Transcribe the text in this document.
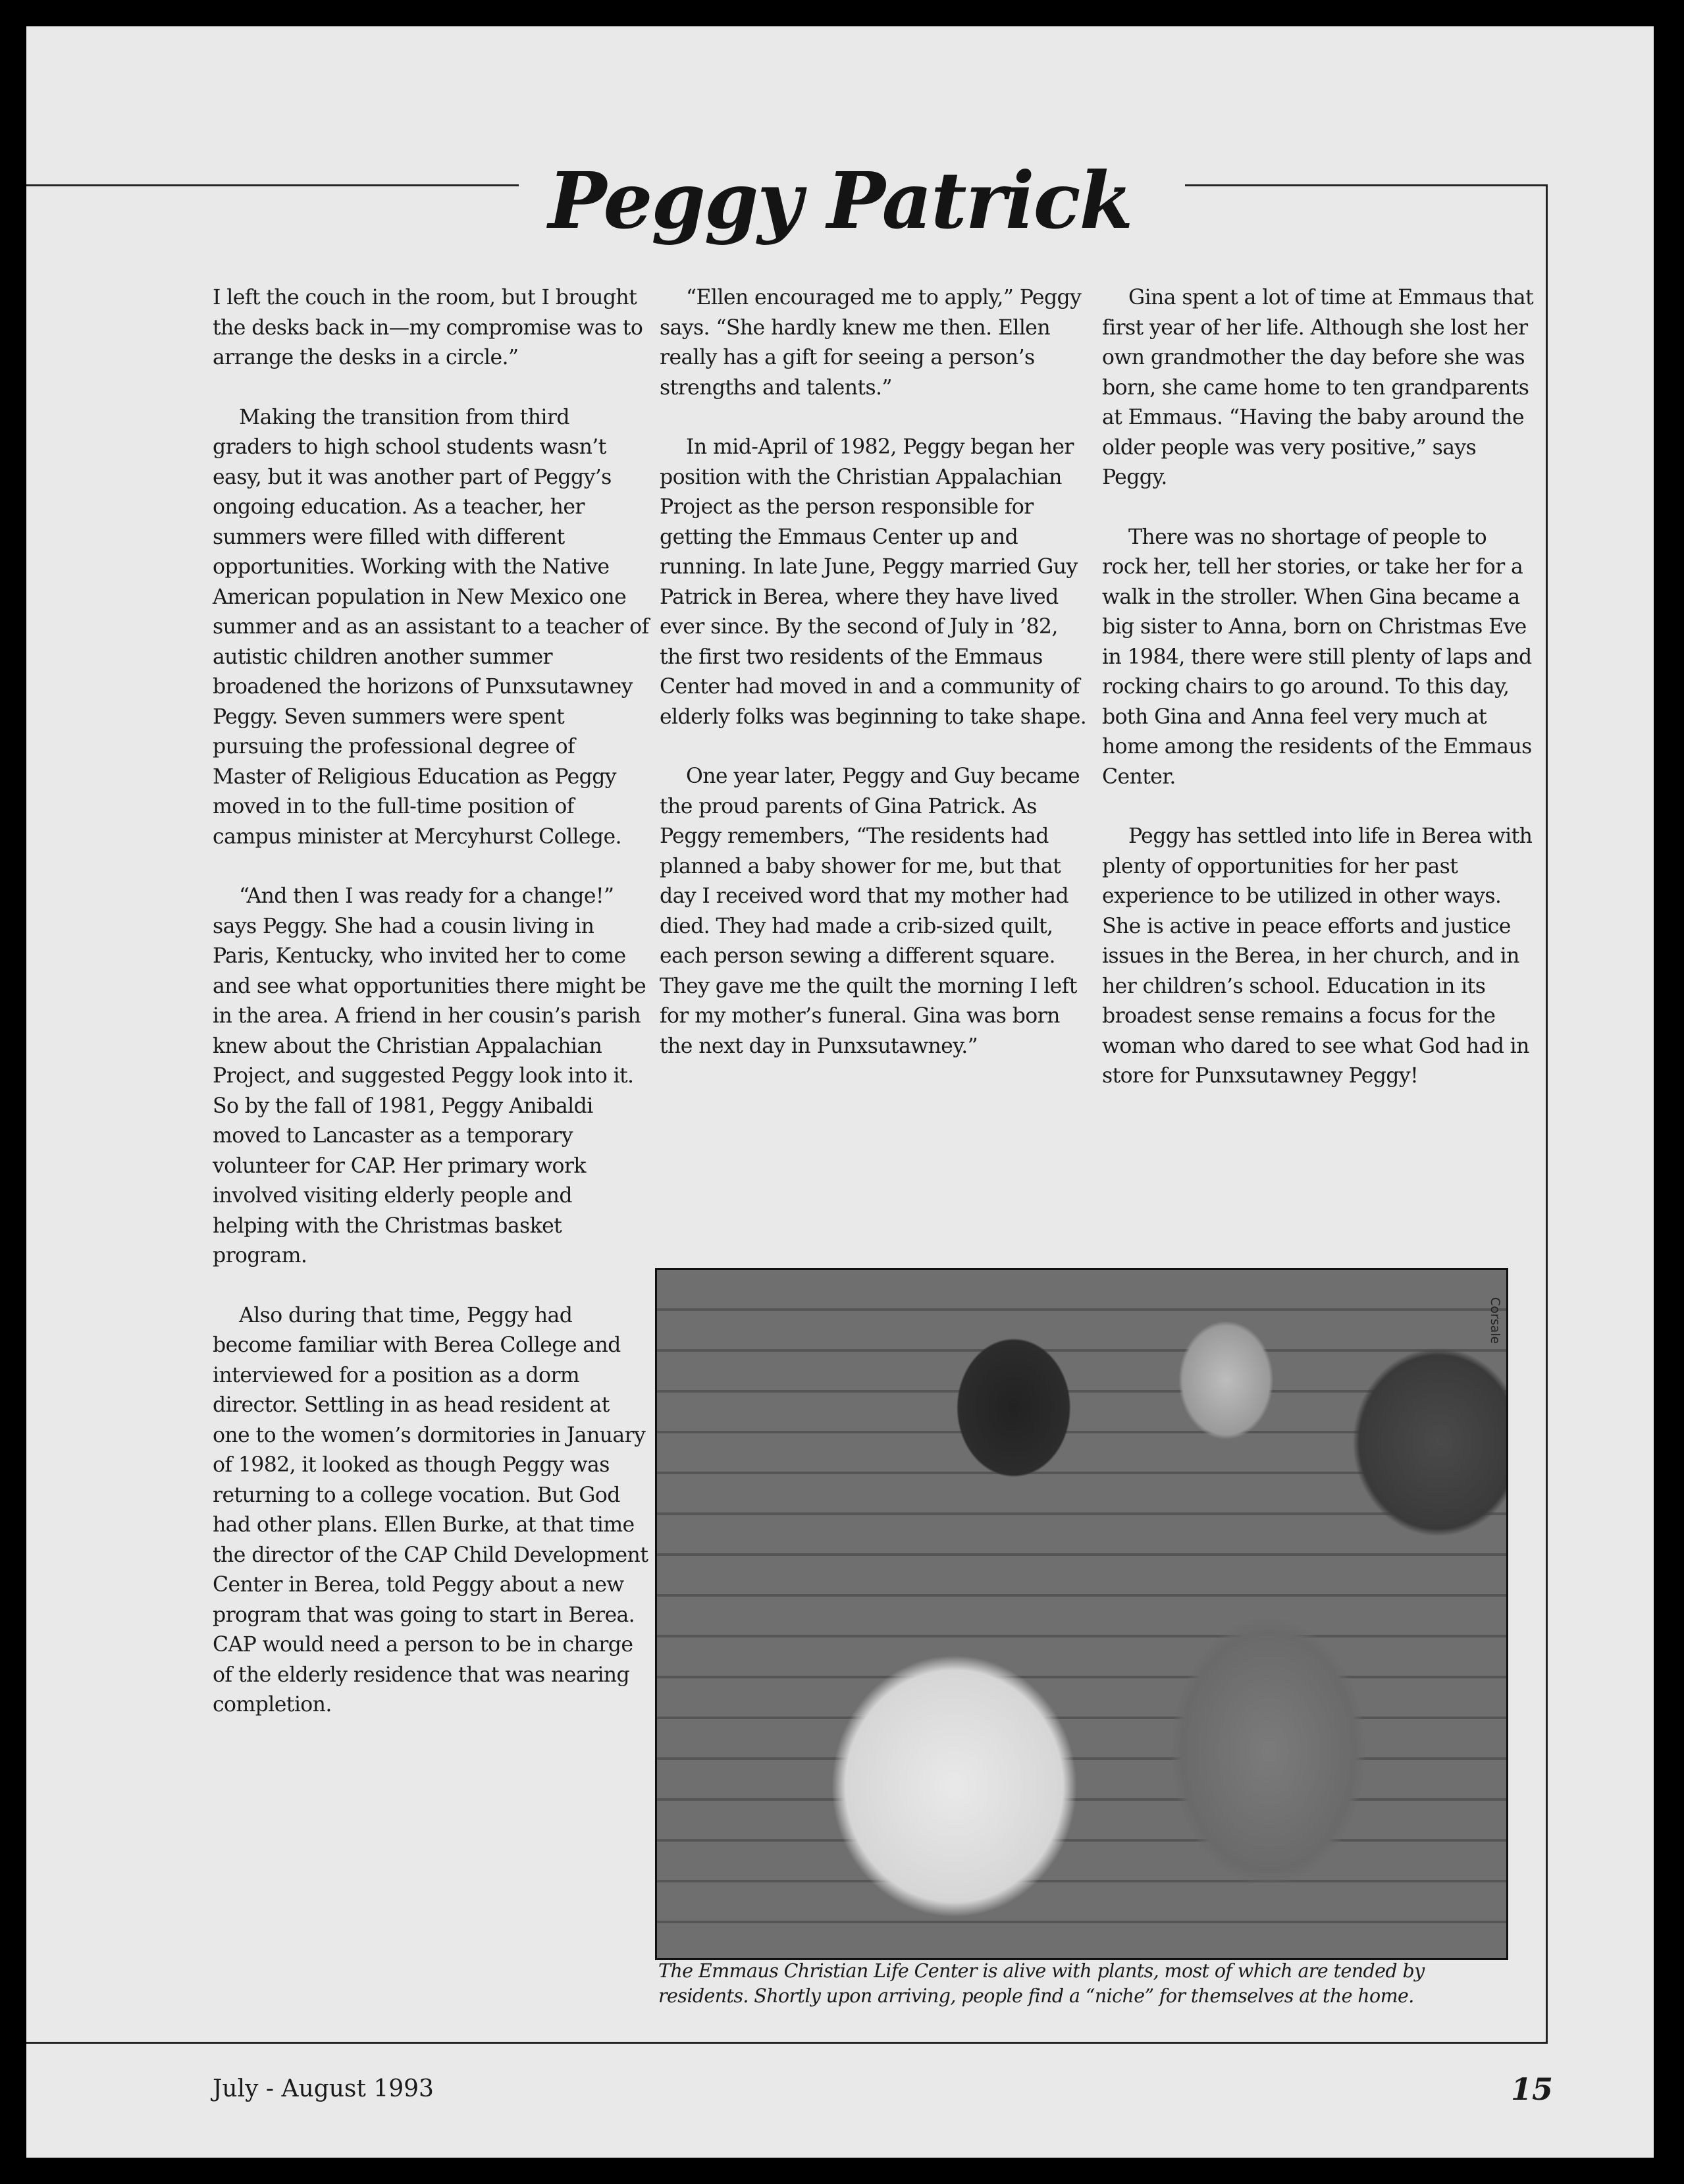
Peggy Patrick

I left the couch in the room, but I brought the desks back in—my compromise was to arrange the desks in a circle.”

Making the transition from third graders to high school students wasn’t easy, but it was another part of Peggy’s ongoing education. As a teacher, her summers were filled with different opportunities. Working with the Native American population in New Mexico one summer and as an assistant to a teacher of autistic children another summer broadened the horizons of Punxsutawney Peggy. Seven summers were spent pursuing the professional degree of Master of Religious Education as Peggy moved in to the full-time position of campus minister at Mercyhurst College.

“And then I was ready for a change!” says Peggy. She had a cousin living in Paris, Kentucky, who invited her to come and see what opportunities there might be in the area. A friend in her cousin’s parish knew about the Christian Appalachian Project, and suggested Peggy look into it. So by the fall of 1981, Peggy Anibaldi moved to Lancaster as a temporary volunteer for CAP. Her primary work involved visiting elderly people and helping with the Christmas basket program.

Also during that time, Peggy had become familiar with Berea College and interviewed for a position as a dorm director. Settling in as head resident at one to the women’s dormitories in January of 1982, it looked as though Peggy was returning to a college vocation. But God had other plans. Ellen Burke, at that time the director of the CAP Child Development Center in Berea, told Peggy about a new program that was going to start in Berea. CAP would need a person to be in charge of the elderly residence that was nearing completion.

“Ellen encouraged me to apply,” Peggy says. “She hardly knew me then. Ellen really has a gift for seeing a person’s strengths and talents.”

In mid-April of 1982, Peggy began her position with the Christian Appalachian Project as the person responsible for getting the Emmaus Center up and running. In late June, Peggy married Guy Patrick in Berea, where they have lived ever since. By the second of July in ’82, the first two residents of the Emmaus Center had moved in and a community of elderly folks was beginning to take shape.

One year later, Peggy and Guy became the proud parents of Gina Patrick. As Peggy remembers, “The residents had planned a baby shower for me, but that day I received word that my mother had died. They had made a crib-sized quilt, each person sewing a different square. They gave me the quilt the morning I left for my mother’s funeral. Gina was born the next day in Punxsutawney.”

Gina spent a lot of time at Emmaus that first year of her life. Although she lost her own grandmother the day before she was born, she came home to ten grandparents at Emmaus. “Having the baby around the older people was very positive,” says Peggy.

There was no shortage of people to rock her, tell her stories, or take her for a walk in the stroller. When Gina became a big sister to Anna, born on Christmas Eve in 1984, there were still plenty of laps and rocking chairs to go around. To this day, both Gina and Anna feel very much at home among the residents of the Emmaus Center.

Peggy has settled into life in Berea with plenty of opportunities for her past experience to be utilized in other ways. She is active in peace efforts and justice issues in the Berea, in her church, and in her children’s school. Education in its broadest sense remains a focus for the woman who dared to see what God had in store for Punxsutawney Peggy!

Corsale
The Emmaus Christian Life Center is alive with plants, most of which are tended by residents. Shortly upon arriving, people find a “niche” for themselves at the home.
July - August 1993	15
